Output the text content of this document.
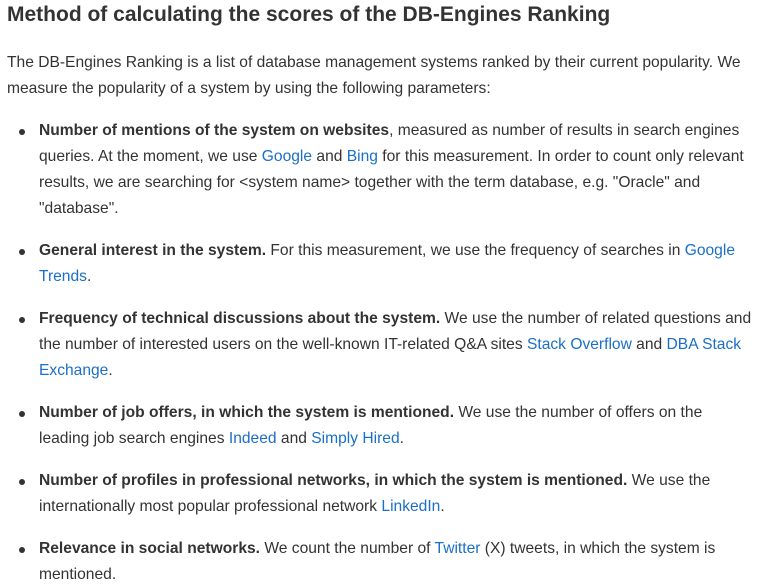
Method of calculating the scores of the DB-Engines Ranking

The DB-Engines Ranking is a list of database management systems ranked by their current popularity. We measure the popularity of a system by using the following parameters:

Number of mentions of the system on websites, measured as number of results in search engines queries. At the moment, we use Google and Bing for this measurement. In order to count only relevant results, we are searching for <system name> together with the term database, e.g. "Oracle" and "database".
General interest in the system. For this measurement, we use the frequency of searches in Google Trends.
Frequency of technical discussions about the system. We use the number of related questions and the number of interested users on the well-known IT-related Q&A sites Stack Overflow and DBA Stack Exchange.
Number of job offers, in which the system is mentioned. We use the number of offers on the leading job search engines Indeed and Simply Hired.
Number of profiles in professional networks, in which the system is mentioned. We use the internationally most popular professional network LinkedIn.
Relevance in social networks. We count the number of Twitter (X) tweets, in which the system is mentioned.
